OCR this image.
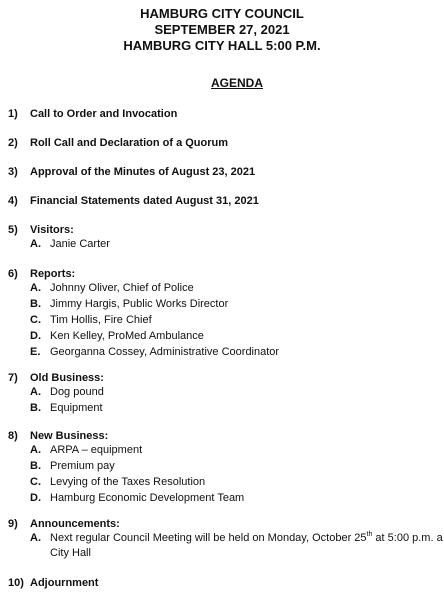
HAMBURG CITY COUNCIL
SEPTEMBER 27, 2021
HAMBURG CITY HALL 5:00 P.M.
AGENDA
1) Call to Order and Invocation
2) Roll Call and Declaration of a Quorum
3) Approval of the Minutes of August 23, 2021
4) Financial Statements dated August 31, 2021
5) Visitors:
A. Janie Carter
6) Reports:
A. Johnny Oliver, Chief of Police
B. Jimmy Hargis, Public Works Director
C. Tim Hollis, Fire Chief
D. Ken Kelley, ProMed Ambulance
E. Georganna Cossey, Administrative Coordinator
7) Old Business:
A. Dog pound
B. Equipment
8) New Business:
A. ARPA – equipment
B. Premium pay
C. Levying of the Taxes Resolution
D. Hamburg Economic Development Team
9) Announcements:
A. Next regular Council Meeting will be held on Monday, October 25th at 5:00 p.m. a
City Hall
10) Adjournment
